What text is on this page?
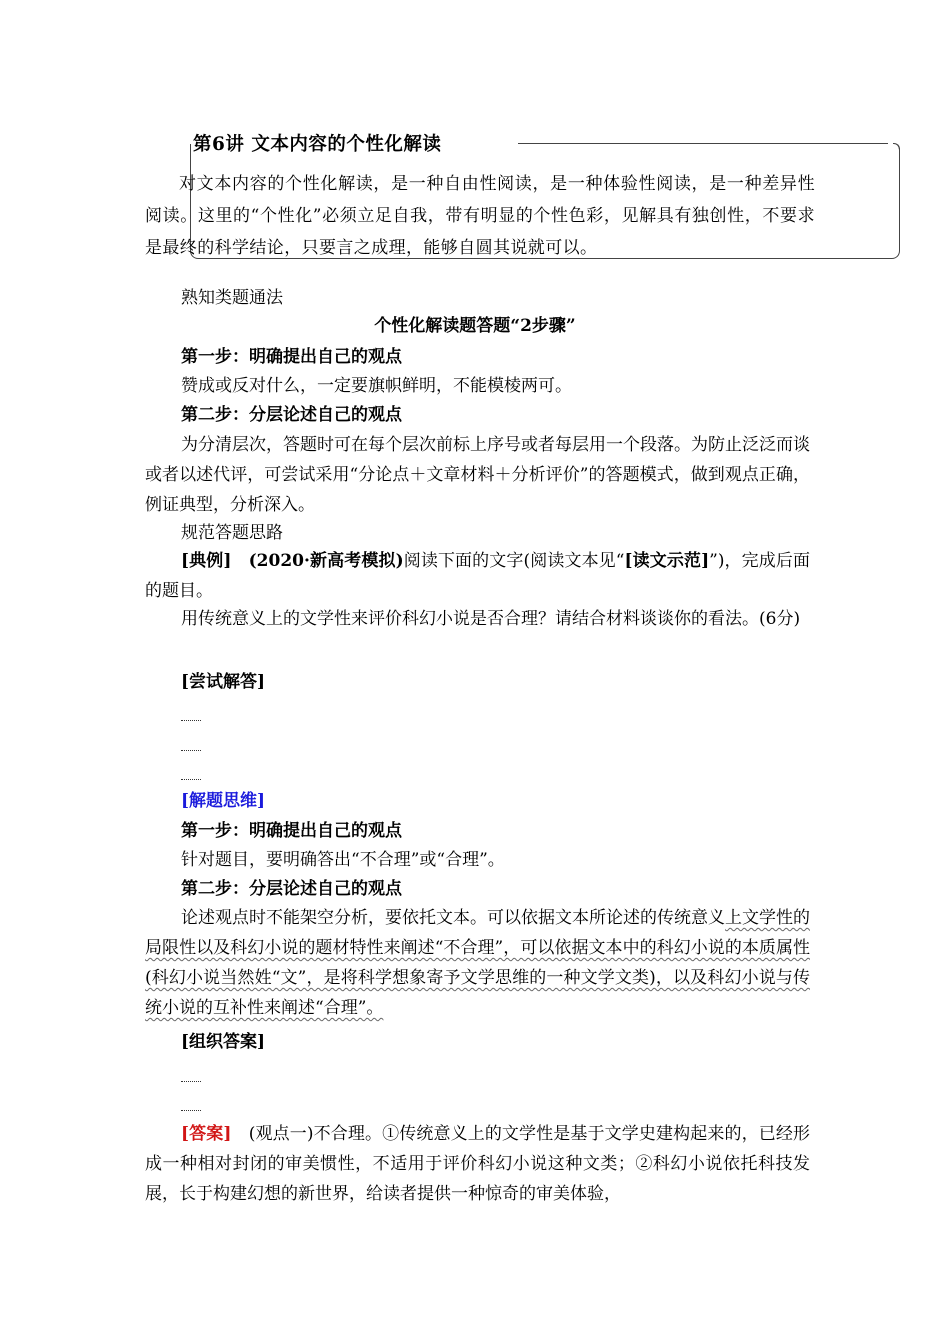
第6讲 文本内容的个性化解读
对文本内容的个性化解读，是一种自由性阅读，是一种体验性阅读，是一种差异性阅读。这里的“个性化”必须立足自我，带有明显的个性色彩，见解具有独创性，不要求是最终的科学结论，只要言之成理，能够自圆其说就可以。
熟知类题通法
个性化解读题答题“2步骤”
第一步：明确提出自己的观点
赞成或反对什么，一定要旗帜鲜明，不能模棱两可。
第二步：分层论述自己的观点
为分清层次，答题时可在每个层次前标上序号或者每层用一个段落。为防止泛泛而谈或者以述代评，可尝试采用“分论点＋文章材料＋分析评价”的答题模式，做到观点正确，例证典型，分析深入。
规范答题思路
[典例]　 (2020·新高考模拟)阅读下面的文字(阅读文本见“[读文示范]”)，完成后面的题目。
用传统意义上的文学性来评价科幻小说是否合理？请结合材料谈谈你的看法。(6分)
[尝试解答]
[解题思维]
第一步：明确提出自己的观点
针对题目，要明确答出“不合理”或“合理”。
第二步：分层论述自己的观点
论述观点时不能架空分析，要依托文本。可以依据文本所论述的传统意义上文学性的局限性以及科幻小说的题材特性来阐述“不合理”，可以依据文本中的科幻小说的本质属性(科幻小说当然姓“文”，是将科学想象寄予文学思维的一种文学文类)，以及科幻小说与传统小说的互补性来阐述“合理”。
[组织答案]
[答案]　 (观点一)不合理。①传统意义上的文学性是基于文学史建构起来的，已经形成一种相对封闭的审美惯性，不适用于评价科幻小说这种文类；②科幻小说依托科技发展，长于构建幻想的新世界，给读者提供一种惊奇的审美体验，
